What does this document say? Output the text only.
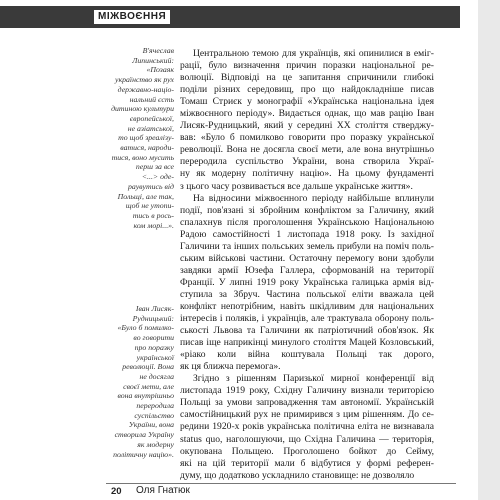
МІЖВОЄННЯ
В'ячеслав
Липинський:
«Позаяк
українство як рух
державно-націо-
нальний єсть
дитиною культури
європейської,
не азіатської,
то щоб зреалізу-
ватися, нарoди-
тися, воно мусить
перш за все
<...> оде-
раувутись від
Польщі, але так,
щоб не утопи-
тись в рось-
ком морі...».
Іван Лисяк-
Рудницький:
«Було б помилко-
во говорити
про поразку
української
революції. Вона
не досягла
своєї мети, але
вона внутрішньо
переродила
суспільство
України, вона
створила Україну
як модерну
політичну націю».

Центральною темою для українців, які опинилися в еміг-
рації, було визначення причин поразки національної ре-
волюції. Відповіді на це запитання спричинили глибокі
поділи різних середовищ, про що найдокладніше писав
Томаш Стриєк у монографії «Українська національна ідея
міжвоєнного періоду». Видається однак, що мав рацію Іван
Лисяк-Рудницький, який у середині XX століття стверджу-
вав: «Було б помилково говорити про поразку української
революції. Вона не досягла своєї мети, але вона внутрішньо
переродила суспільство України, вона створила Украї-
ну як модерну політичну націю». На цьому фундаменті
з цього часу розвивається все дальше українське життя».

На відносини міжвоєнного періоду найбільше вплинули
події, пов'язані зі збройним конфліктом за Галичину, який
спалахнув після проголошення Українською Національною
Радою самостійності 1 листопада 1918 року. Із західної
Галичини та інших польських земель прибули на поміч поль-
ським військові частини. Остаточну перемогу вони здобули
завдяки армії Юзефа Галлера, сформованій на території
Франції. У липні 1919 року Українська галицька армія від-
ступила за Збруч. Частина польської еліти вважала цей
конфлікт непотрібним, навіть шкідливим для національних
інтересів і поляків, і українців, але трактувала оборону поль-
ськості Львова та Галичини як патріотичний обов'язок. Як
писав іще наприкінці минулого століття Мацей Козловський,
«ріако коли війна коштувала Польщі так дорого,
як ця ближча перемога».

Згідно з рішенням Паризької мирної конференції від
листопада 1919 року, Східну Галичину визнали територією
Польщі за умови запровадження там автономії. Українській
самостійницький рух не примирився з цим рішенням. До се-
редини 1920-х років українська політична еліта не визнавала
status quo, наголошуючи, що Східна Галичина — територія,
окупована Польщею. Проголошено бойкот до Сейму,
які на цій території мали б відбутися у формі референ-
думу, що додатково ускладнило становище: не дозволяло

20 Оля Гнатюк
